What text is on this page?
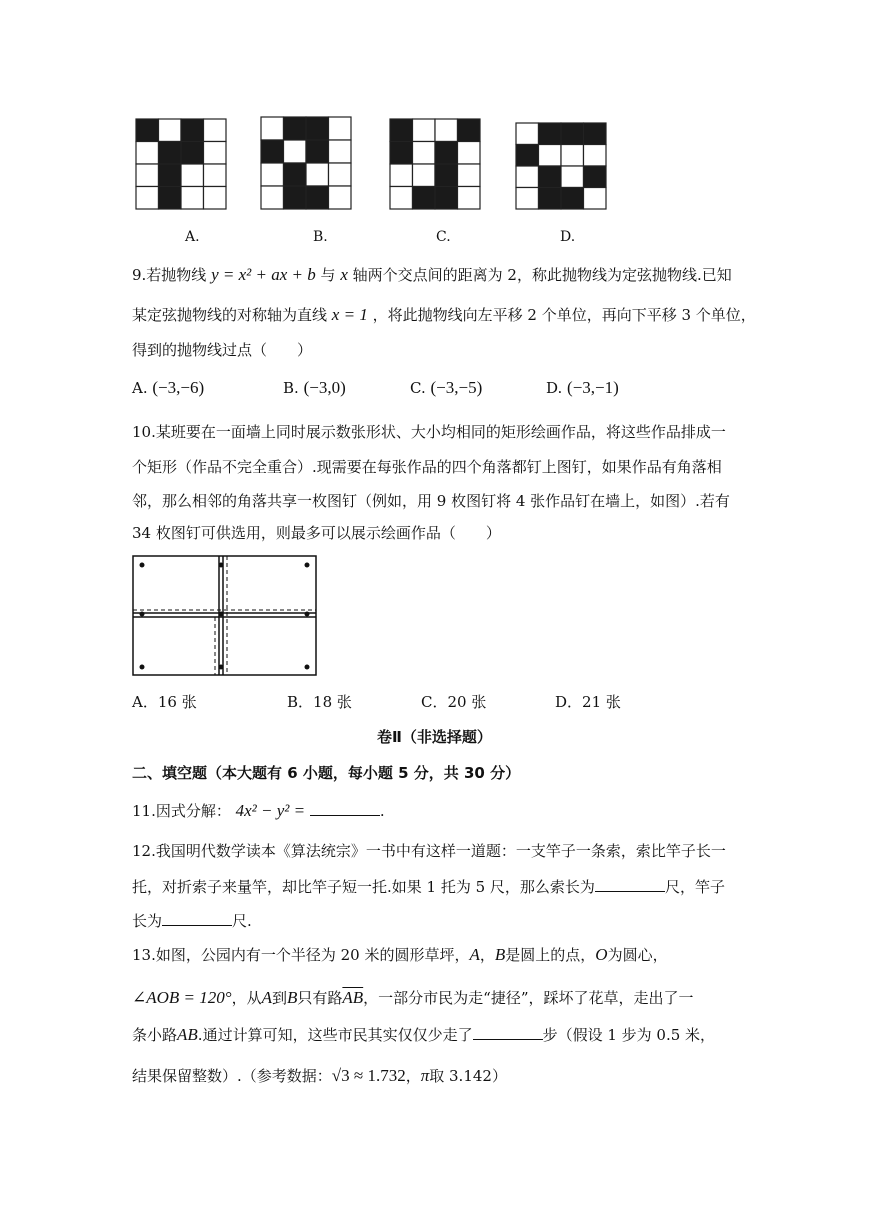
A.	B.	C.	D.
9.若抛物线 y = x² + ax + b 与 x 轴两个交点间的距离为 2，称此抛物线为定弦抛物线.已知
某定弦抛物线的对称轴为直线 x = 1 ，将此抛物线向左平移 2 个单位，再向下平移 3 个单位，
得到的抛物线过点（　　）
A. (−3,−6)	B. (−3,0)	C. (−3,−5)	D. (−3,−1)
10.某班要在一面墙上同时展示数张形状、大小均相同的矩形绘画作品，将这些作品排成一
个矩形（作品不完全重合）.现需要在每张作品的四个角落都钉上图钉，如果作品有角落相
邻，那么相邻的角落共享一枚图钉（例如，用 9 枚图钉将 4 张作品钉在墙上，如图）.若有
34 枚图钉可供选用，则最多可以展示绘画作品（　　）
A．16 张	B．18 张	C．20 张	D．21 张
卷Ⅱ（非选择题）
二、填空题（本大题有 6 小题，每小题 5 分，共 30 分）
11.因式分解： 4x² − y² =	.
12.我国明代数学读本《算法统宗》一书中有这样一道题：一支竿子一条索，索比竿子长一
托，对折索子来量竿，却比竿子短一托.如果 1 托为 5 尺，那么索长为	尺，竿子
长为	尺.
13.如图，公园内有一个半径为 20 米的圆形草坪，A，B是圆上的点，O为圆心，
∠AOB = 120°，从A到B只有路$\overline{AB}$，一部分市民为走“捷径”，踩坏了花草，走出了一
条小路AB.通过计算可知，这些市民其实仅仅少走了	步（假设 1 步为 0.5 米，
结果保留整数）.（参考数据：√3 ≈ 1.732，π取 3.142）
